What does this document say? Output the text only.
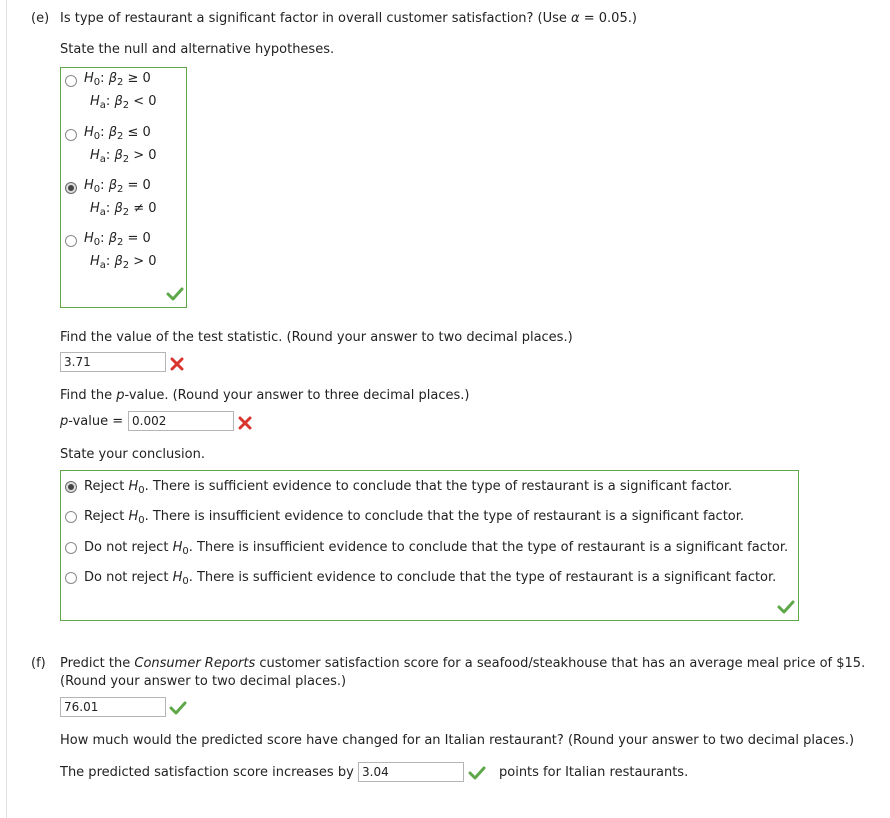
(e) Is type of restaurant a significant factor in overall customer satisfaction? (Use α = 0.05.)
State the null and alternative hypotheses.
$H_0$: $\beta_2 \ge 0$
$H_a$: $\beta_2 < 0$
$H_0$: $\beta_2 \le 0$
$H_a$: $\beta_2 > 0$
$H_0$: $\beta_2 = 0$
$H_a$: $\beta_2 \ne 0$
$H_0$: $\beta_2 = 0$
$H_a$: $\beta_2 > 0$
Find the value of the test statistic. (Round your answer to two decimal places.)
3.71
Find the p-value. (Round your answer to three decimal places.)
p-value = 0.002
State your conclusion.
Reject $H_0$. There is sufficient evidence to conclude that the type of restaurant is a significant factor.
Reject $H_0$. There is insufficient evidence to conclude that the type of restaurant is a significant factor.
Do not reject $H_0$. There is insufficient evidence to conclude that the type of restaurant is a significant factor.
Do not reject $H_0$. There is sufficient evidence to conclude that the type of restaurant is a significant factor.
(f) Predict the Consumer Reports customer satisfaction score for a seafood/steakhouse that has an average meal price of $15.
(Round your answer to two decimal places.)
76.01
How much would the predicted score have changed for an Italian restaurant? (Round your answer to two decimal places.)
The predicted satisfaction score increases by 3.04	points for Italian restaurants.
